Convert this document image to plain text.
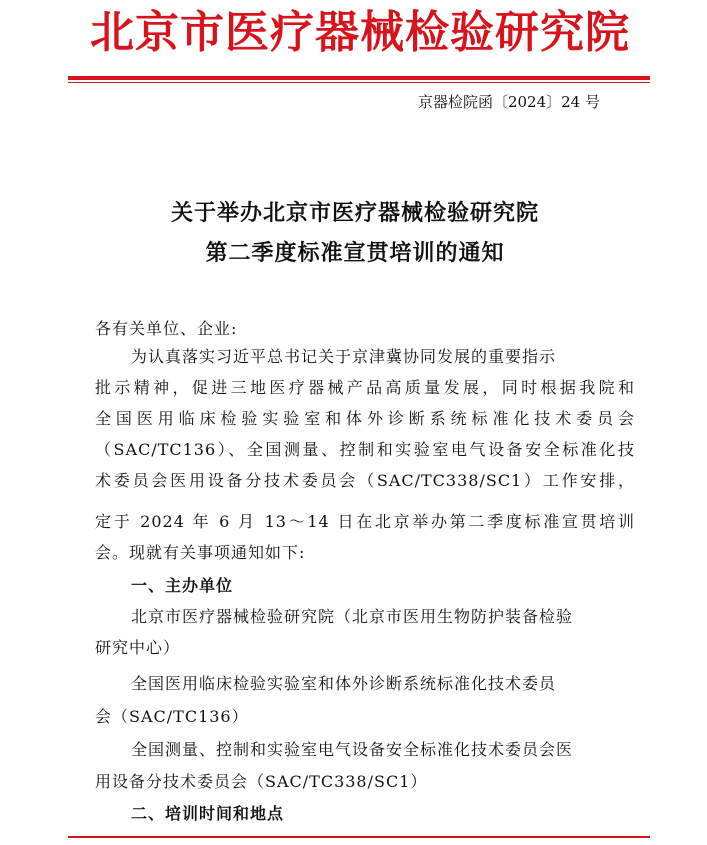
北京市医疗器械检验研究院
京器检院函〔2024〕24 号
关于举办北京市医疗器械检验研究院
第二季度标准宣贯培训的通知
各有关单位、企业:
为认真落实习近平总书记关于京津冀协同发展的重要指示
批示精神，促进三地医疗器械产品高质量发展，同时根据我院和
全国医用临床检验实验室和体外诊断系统标准化技术委员会
（SAC/TC136）、全国测量、控制和实验室电气设备安全标准化技
术委员会医用设备分技术委员会（SAC/TC338/SC1）工作安排，
定于 2024 年 6 月 13～14 日在北京举办第二季度标准宣贯培训
会。现就有关事项通知如下:
一、主办单位
北京市医疗器械检验研究院（北京市医用生物防护装备检验
研究中心）
全国医用临床检验实验室和体外诊断系统标准化技术委员
会（SAC/TC136）
全国测量、控制和实验室电气设备安全标准化技术委员会医
用设备分技术委员会（SAC/TC338/SC1）
二、培训时间和地点
